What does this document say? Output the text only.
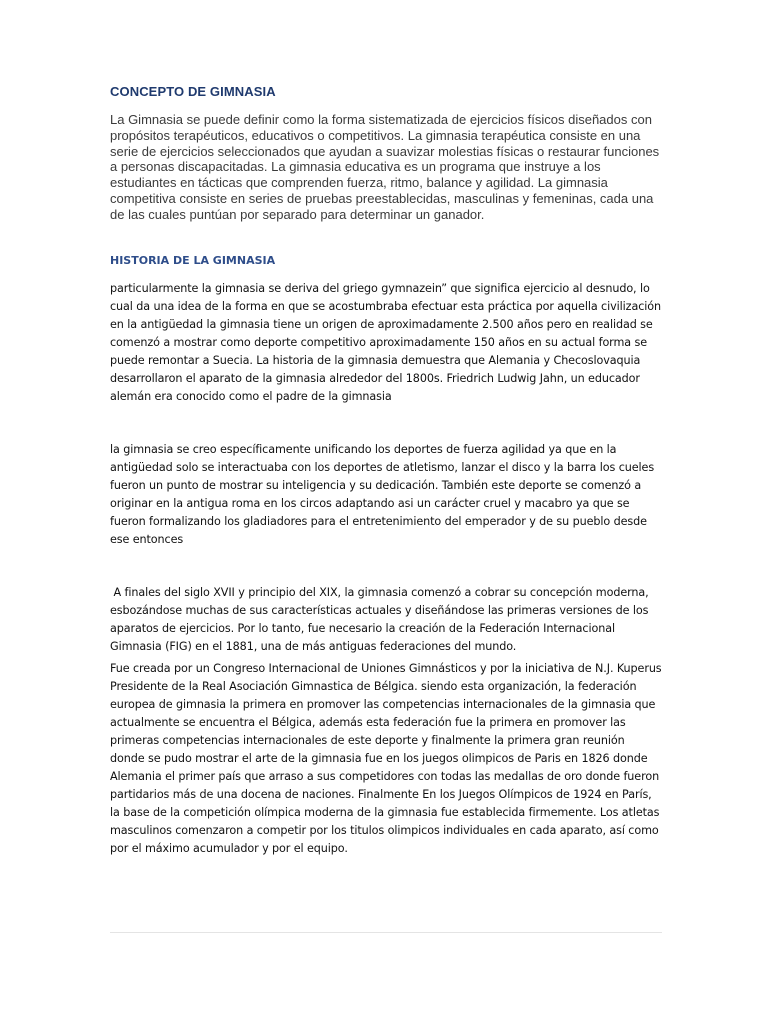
CONCEPTO DE GIMNASIA

La Gimnasia se puede definir como la forma sistematizada de ejercicios físicos diseñados con propósitos terapéuticos, educativos o competitivos. La gimnasia terapéutica consiste en una serie de ejercicios seleccionados que ayudan a suavizar molestias físicas o restaurar funciones a personas discapacitadas. La gimnasia educativa es un programa que instruye a los estudiantes en tácticas que comprenden fuerza, ritmo, balance y agilidad. La gimnasia competitiva consiste en series de pruebas preestablecidas, masculinas y femeninas, cada una de las cuales puntúan por separado para determinar un ganador.

HISTORIA DE LA GIMNASIA

particularmente la gimnasia se deriva del griego gymnazein” que significa ejercicio al desnudo, lo cual da una idea de la forma en que se acostumbraba efectuar esta práctica por aquella civilización en la antigüedad la gimnasia tiene un origen de aproximadamente 2.500 años pero en realidad se comenzó a mostrar como deporte competitivo aproximadamente 150 años en su actual forma se puede remontar a Suecia. La historia de la gimnasia demuestra que Alemania y Checoslovaquia desarrollaron el aparato de la gimnasia alrededor del 1800s. Friedrich Ludwig Jahn, un educador alemán era conocido como el padre de la gimnasia

la gimnasia se creo específicamente unificando los deportes de fuerza agilidad ya que en la antigüedad solo se interactuaba con los deportes de atletismo, lanzar el disco y la barra los cueles fueron un punto de mostrar su inteligencia y su dedicación. También este deporte se comenzó a originar en la antigua roma en los circos adaptando asi un carácter cruel y macabro ya que se fueron formalizando los gladiadores para el entretenimiento del emperador y de su pueblo desde ese entonces

A finales del siglo XVII y principio del XIX, la gimnasia comenzó a cobrar su concepción moderna, esbozándose muchas de sus características actuales y diseñándose las primeras versiones de los aparatos de ejercicios. Por lo tanto, fue necesario la creación de la Federación Internacional Gimnasia (FIG) en el 1881, una de más antiguas federaciones del mundo.

Fue creada por un Congreso Internacional de Uniones Gimnásticos y por la iniciativa de N.J. Kuperus Presidente de la Real Asociación Gimnastica de Bélgica. siendo esta organización, la federación europea de gimnasia la primera en promover las competencias internacionales de la gimnasia que actualmente se encuentra el Bélgica, además esta federación fue la primera en promover las primeras competencias internacionales de este deporte y finalmente la primera gran reunión donde se pudo mostrar el arte de la gimnasia fue en los juegos olimpicos de Paris en 1826 donde Alemania el primer país que arraso a sus competidores con todas las medallas de oro donde fueron partidarios más de una docena de naciones. Finalmente En los Juegos Olímpicos de 1924 en París, la base de la competición olímpica moderna de la gimnasia fue establecida firmemente. Los atletas masculinos comenzaron a competir por los titulos olimpicos individuales en cada aparato, así como por el máximo acumulador y por el equipo.
